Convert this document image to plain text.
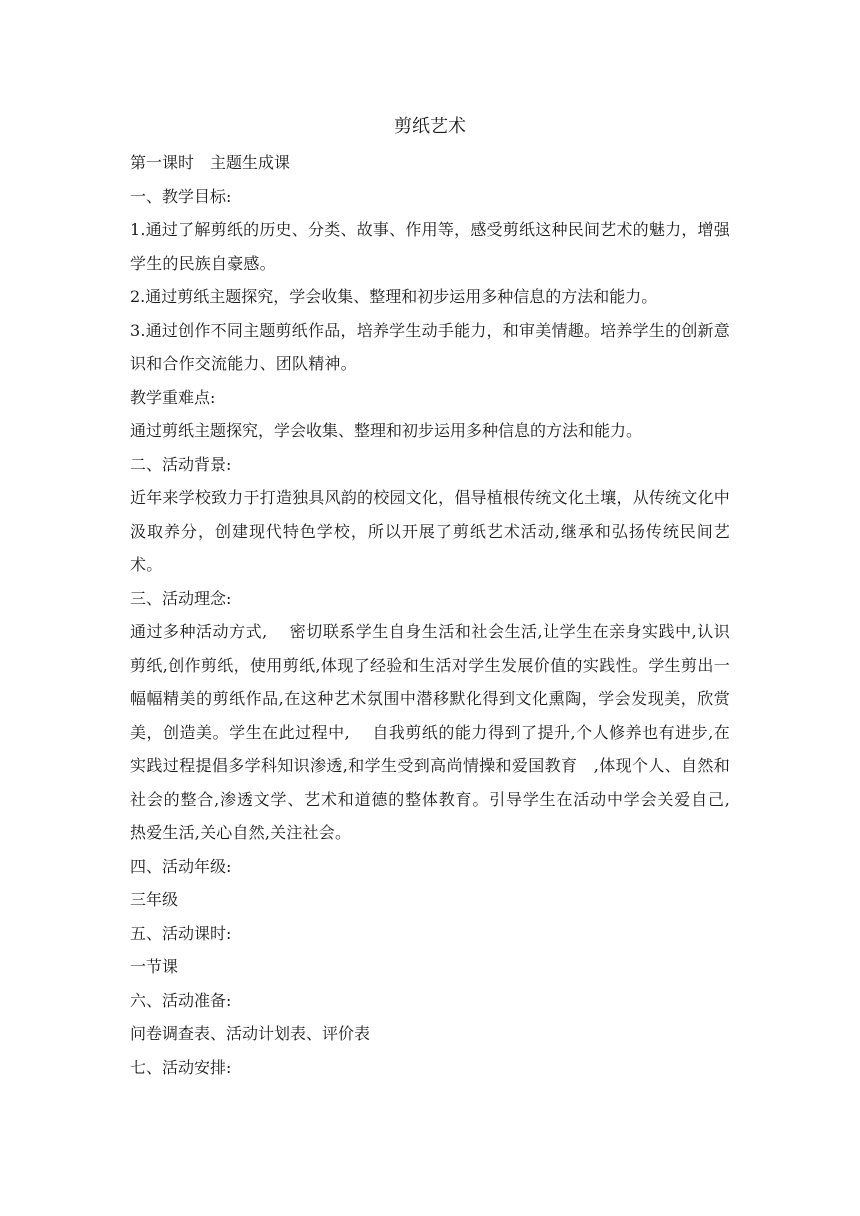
剪纸艺术

第一课时　主题生成课

一、教学目标:

1.通过了解剪纸的历史、分类、故事、作用等，感受剪纸这种民间艺术的魅力，增强学生的民族自豪感。

2.通过剪纸主题探究，学会收集、整理和初步运用多种信息的方法和能力。

3.通过创作不同主题剪纸作品，培养学生动手能力，和审美情趣。培养学生的创新意识和合作交流能力、团队精神。

教学重难点:

通过剪纸主题探究，学会收集、整理和初步运用多种信息的方法和能力。

二、活动背景:

近年来学校致力于打造独具风韵的校园文化，倡导植根传统文化土壤，从传统文化中汲取养分，创建现代特色学校，所以开展了剪纸艺术活动,继承和弘扬传统民间艺术。

三、活动理念:

通过多种活动方式,　 密切联系学生自身生活和社会生活,让学生在亲身实践中,认识剪纸,创作剪纸，使用剪纸,体现了经验和生活对学生发展价值的实践性。学生剪出一幅幅精美的剪纸作品,在这种艺术氛围中潜移默化得到文化熏陶，学会发现美，欣赏美，创造美。学生在此过程中,　 自我剪纸的能力得到了提升,个人修养也有进步,在实践过程提倡多学科知识渗透,和学生受到高尚情操和爱国教育　,体现个人、自然和社会的整合,渗透文学、艺术和道德的整体教育。引导学生在活动中学会关爱自己,　 热爱生活,关心自然,关注社会。

四、活动年级:

三年级

五、活动课时:

一节课

六、活动准备:

问卷调查表、活动计划表、评价表

七、活动安排:
